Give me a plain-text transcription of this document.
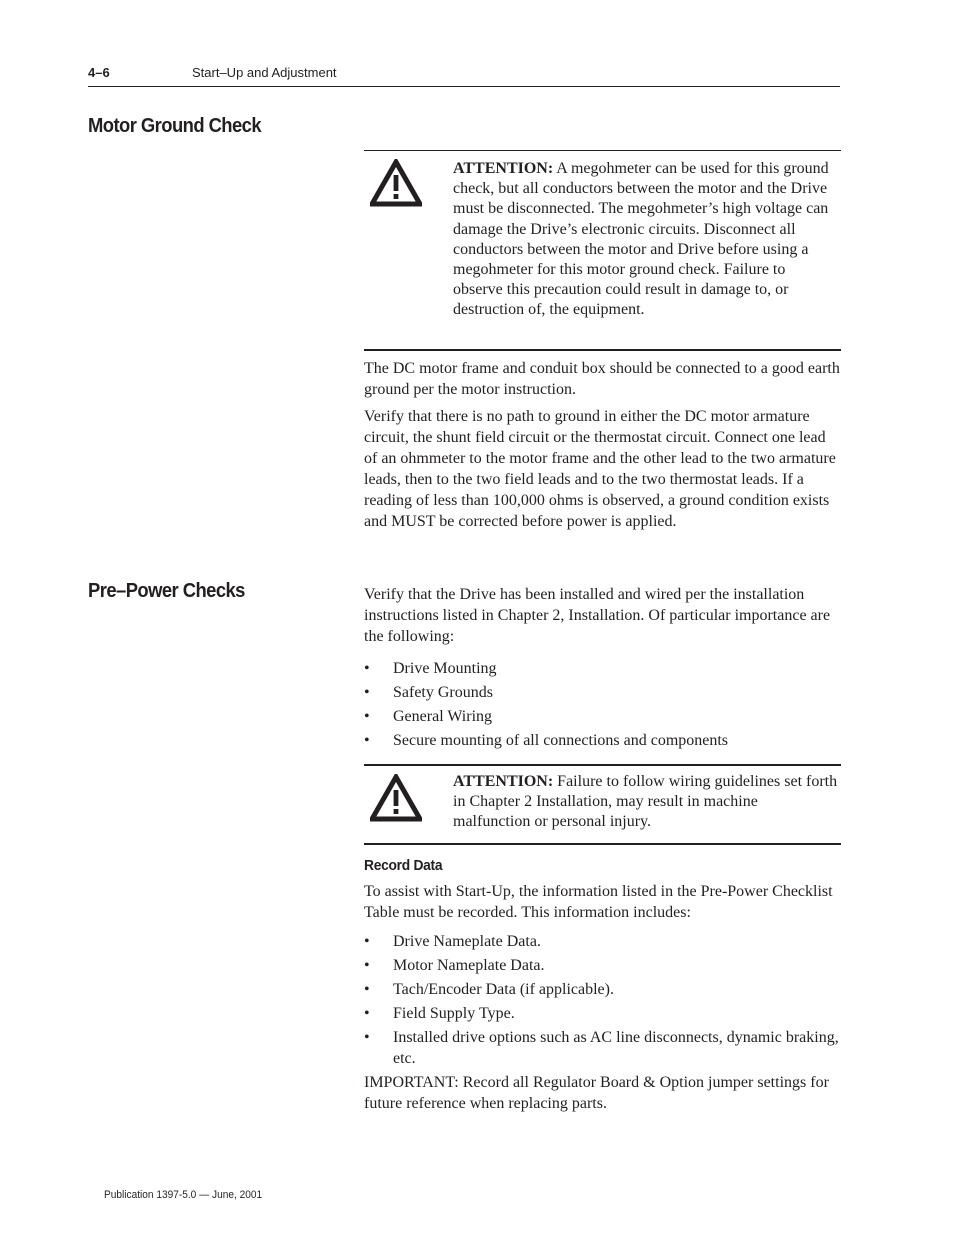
4–6	Start–Up and Adjustment
Motor Ground Check

ATTENTION: A megohmeter can be used for this ground check, but all conductors between the motor and the Drive must be disconnected. The megohmeter’s high voltage can damage the Drive’s electronic circuits. Disconnect all conductors between the motor and Drive before using a megohmeter for this motor ground check. Failure to observe this precaution could result in damage to, or destruction of, the equipment.

The DC motor frame and conduit box should be connected to a good earth ground per the motor instruction.

Verify that there is no path to ground in either the DC motor armature circuit, the shunt field circuit or the thermostat circuit. Connect one lead of an ohmmeter to the motor frame and the other lead to the two armature leads, then to the two field leads and to the two thermostat leads. If a reading of less than 100,000 ohms is observed, a ground condition exists and MUST be corrected before power is applied.

Pre–Power Checks	Verify that the Drive has been installed and wired per the installation instructions listed in Chapter 2, Installation. Of particular importance are the following:

• Drive Mounting
• Safety Grounds
• General Wiring
• Secure mounting of all connections and components

ATTENTION: Failure to follow wiring guidelines set forth in Chapter 2 Installation, may result in machine malfunction or personal injury.

Record Data

To assist with Start-Up, the information listed in the Pre-Power Checklist Table must be recorded. This information includes:

• Drive Nameplate Data.
• Motor Nameplate Data.
• Tach/Encoder Data (if applicable).
• Field Supply Type.
• Installed drive options such as AC line disconnects, dynamic braking, etc.

IMPORTANT: Record all Regulator Board & Option jumper settings for future reference when replacing parts.

Publication 1397-5.0 — June, 2001
